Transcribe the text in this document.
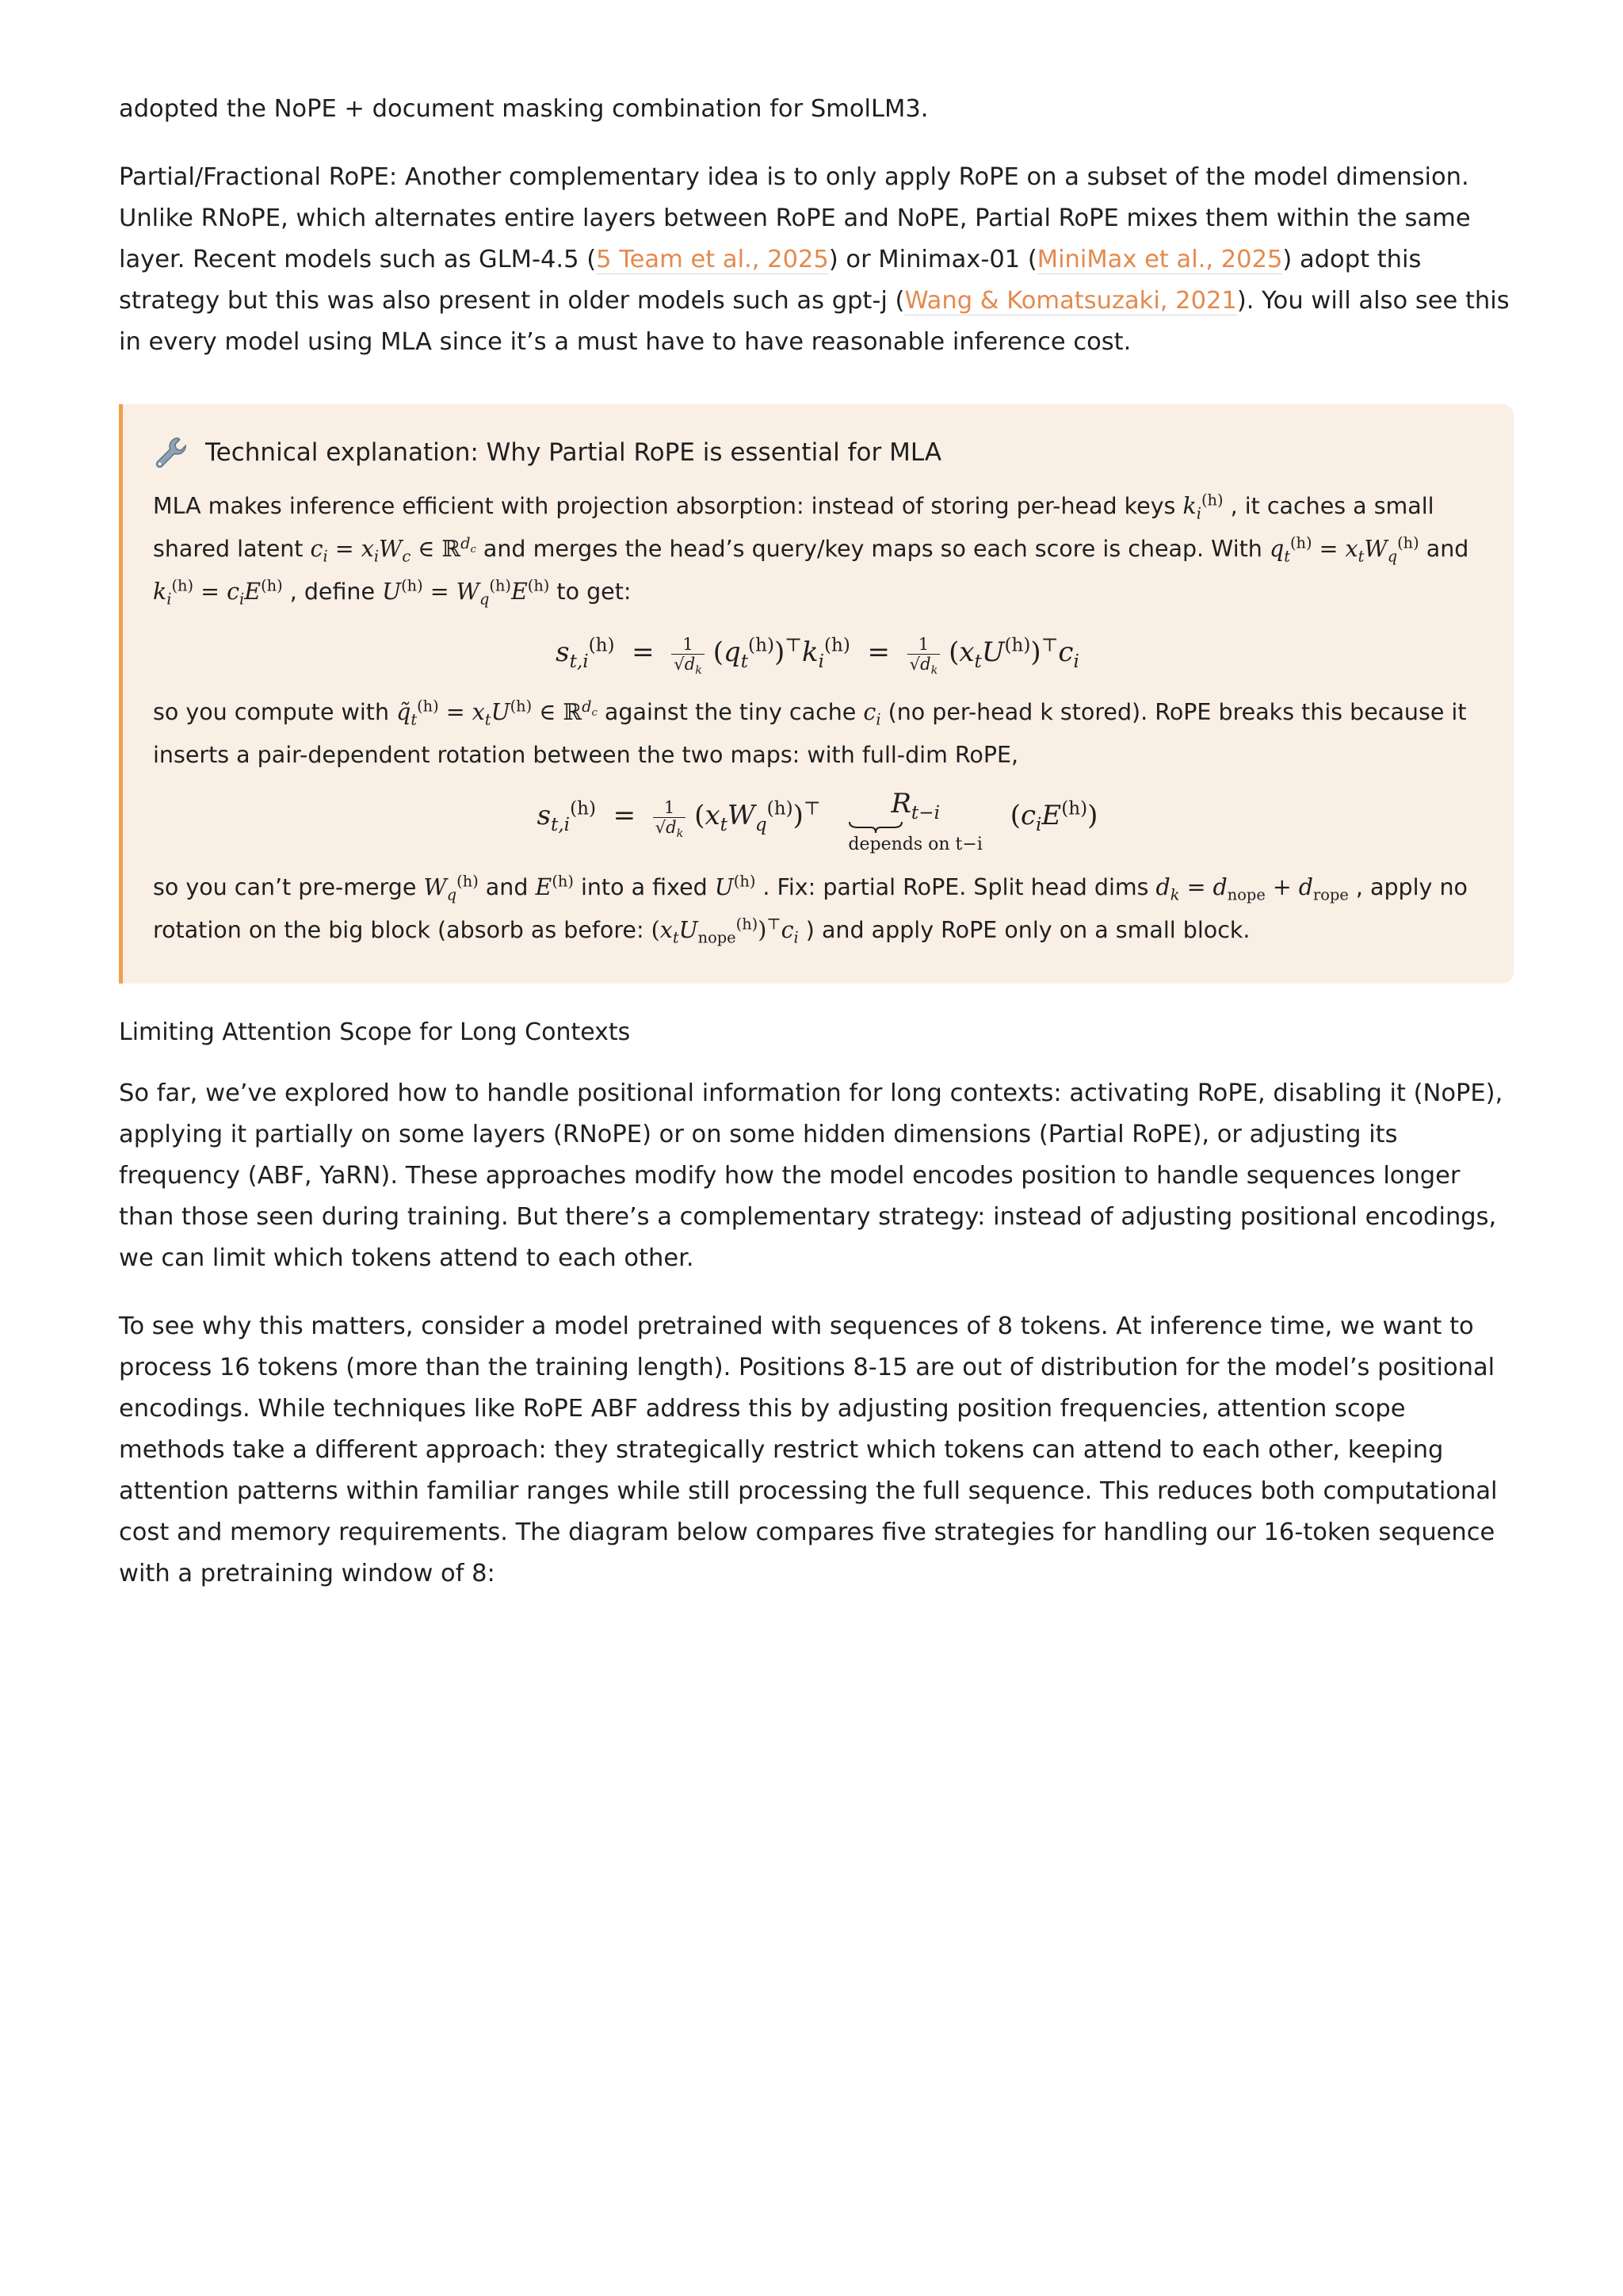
adopted the NoPE + document masking combination for SmolLM3.

Partial/Fractional RoPE: Another complementary idea is to only apply RoPE on a subset of the model dimension. Unlike RNoPE, which alternates entire layers between RoPE and NoPE, Partial RoPE mixes them within the same layer. Recent models such as GLM-4.5 (5 Team et al., 2025) or Minimax-01 (MiniMax et al., 2025) adopt this strategy but this was also present in older models such as gpt-j (Wang & Komatsuzaki, 2021). You will also see this in every model using MLA since it’s a must have to have reasonable inference cost.

Technical explanation: Why Partial RoPE is essential for MLA

MLA makes inference efficient with projection absorption: instead of storing per-head keys $k_i^{(h)}$ , it caches a small shared latent $c_i = x_iW_c$ ∈ ℝ$^{d_c}$ and merges the head’s query/key maps so each score is cheap. With $q_t^{(h)} = x_tW_q^{(h)}$ and $k_i^{(h)} = c_iE^{(h)}$ , define $U^{(h)} = W_q^{(h)}E^{(h)}$ to get:

$s_{t,i}^{(h)} = \frac{1}{√d_k} (q_t^{(h)})^⊤k_i^{(h)} = \frac{1}{√d_k} (x_tU^{(h)})^⊤c_i$

so you compute with $q̃_t^{(h)} = x_tU^{(h)}$ ∈ ℝ$^{d_c}$ against the tiny cache $c_i$ (no per-head k stored). RoPE breaks this because it inserts a pair-dependent rotation between the two maps: with full-dim RoPE,

$s_{t,i}^{(h)} = \frac{1}{√d_k} (x_tW_q^{(h)})^⊤$	$R_{t-i}$
depends on t−i
$(c_iE^{(h)})$

so you can’t pre-merge $W_q^{(h)}$ and $E^{(h)}$ into a fixed $U^{(h)}$ . Fix: partial RoPE. Split head dims $d_k = d_{nope} + d_{rope}$ , apply no rotation on the big block (absorb as before: $(x_tU_{nope}^{(h)})^⊤c_i$ ) and apply RoPE only on a small block.

Limiting Attention Scope for Long Contexts

So far, we’ve explored how to handle positional information for long contexts: activating RoPE, disabling it (NoPE), applying it partially on some layers (RNoPE) or on some hidden dimensions (Partial RoPE), or adjusting its frequency (ABF, YaRN). These approaches modify how the model encodes position to handle sequences longer than those seen during training. But there’s a complementary strategy: instead of adjusting positional encodings, we can limit which tokens attend to each other.

To see why this matters, consider a model pretrained with sequences of 8 tokens. At inference time, we want to process 16 tokens (more than the training length). Positions 8-15 are out of distribution for the model’s positional encodings. While techniques like RoPE ABF address this by adjusting position frequencies, attention scope methods take a different approach: they strategically restrict which tokens can attend to each other, keeping attention patterns within familiar ranges while still processing the full sequence. This reduces both computational cost and memory requirements. The diagram below compares five strategies for handling our 16-token sequence with a pretraining window of 8:
